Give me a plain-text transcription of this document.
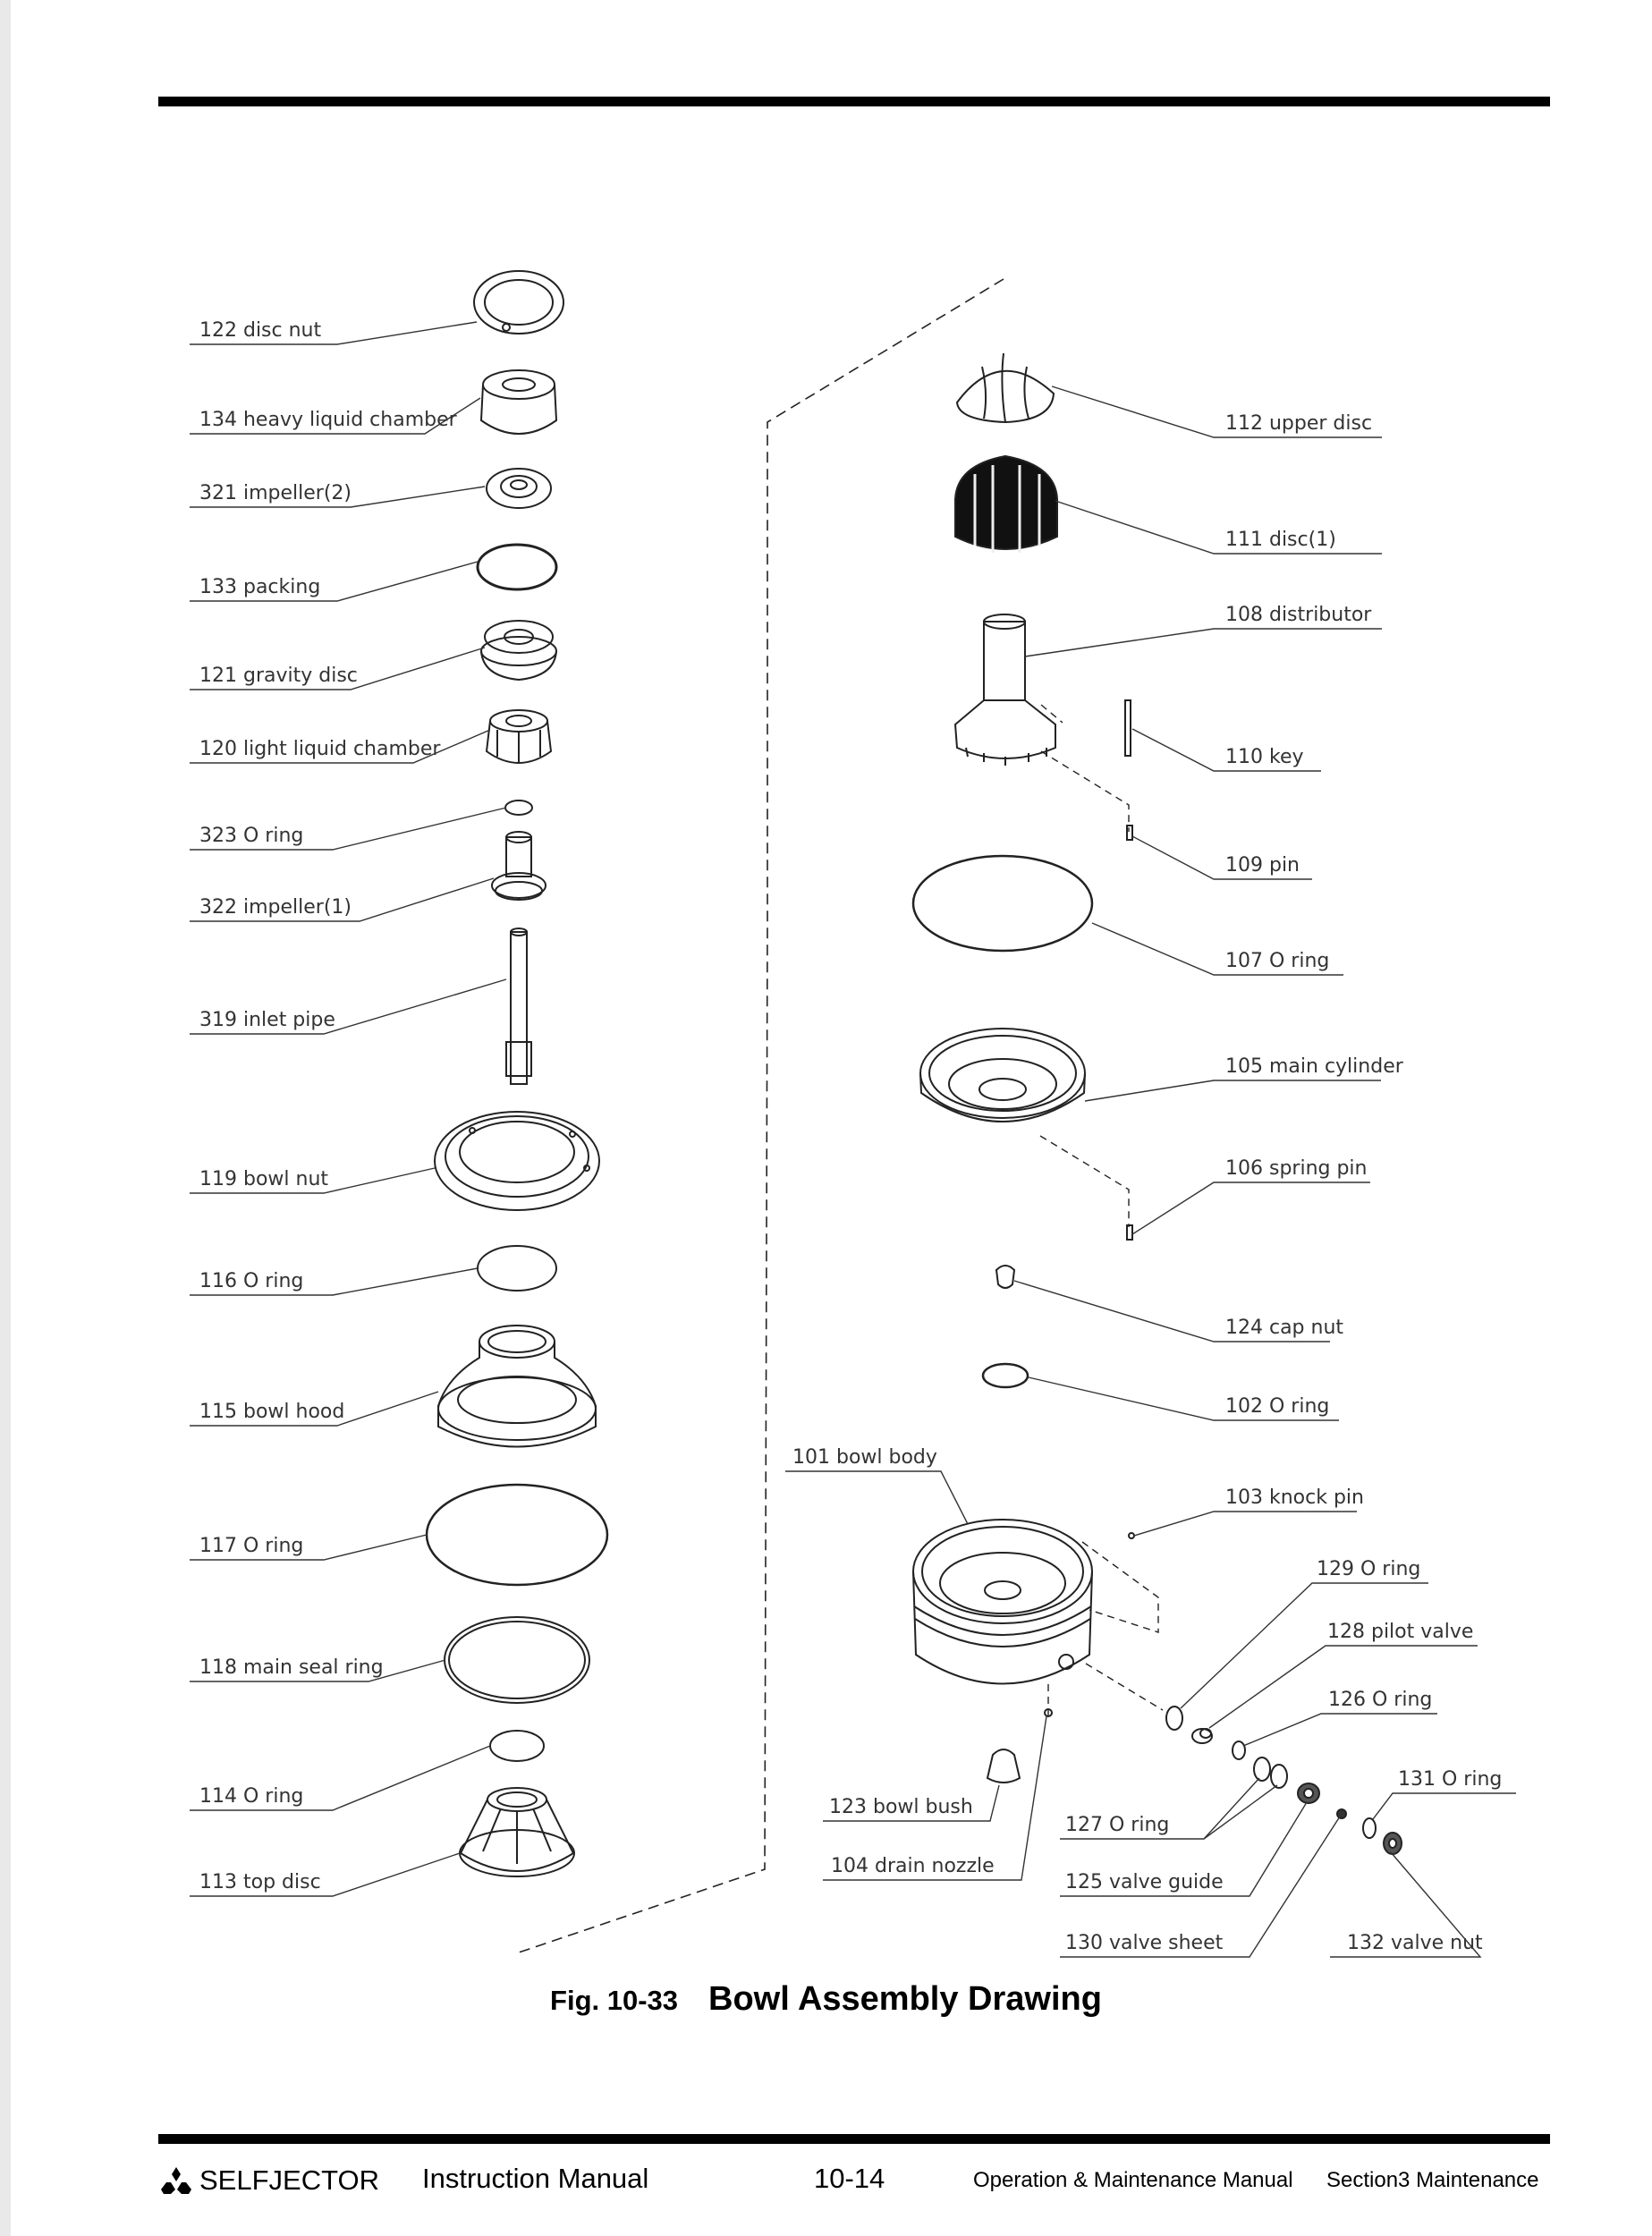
122 disc nut
134 heavy liquid chamber
321 impeller(2)
133 packing
121 gravity disc
120 light liquid chamber
323 O ring
322 impeller(1)
319 inlet pipe
119 bowl nut
116 O ring
115 bowl hood
117 O ring
118 main seal ring
114 O ring
113 top disc
112 upper disc
111 disc(1)
108 distributor
110 key
109 pin
107 O ring
105 main cylinder
106 spring pin
124 cap nut
102 O ring
101 bowl body
103 knock pin
129 O ring
128 pilot valve
126 O ring
131 O ring
123 bowl bush
127 O ring
104 drain nozzle
125 valve guide
130 valve sheet	132 valve nut
Fig. 10-33 Bowl Assembly Drawing
SELFJECTOR Instruction Manual	10-14	Operation & Maintenance Manual Section3 Maintenance
